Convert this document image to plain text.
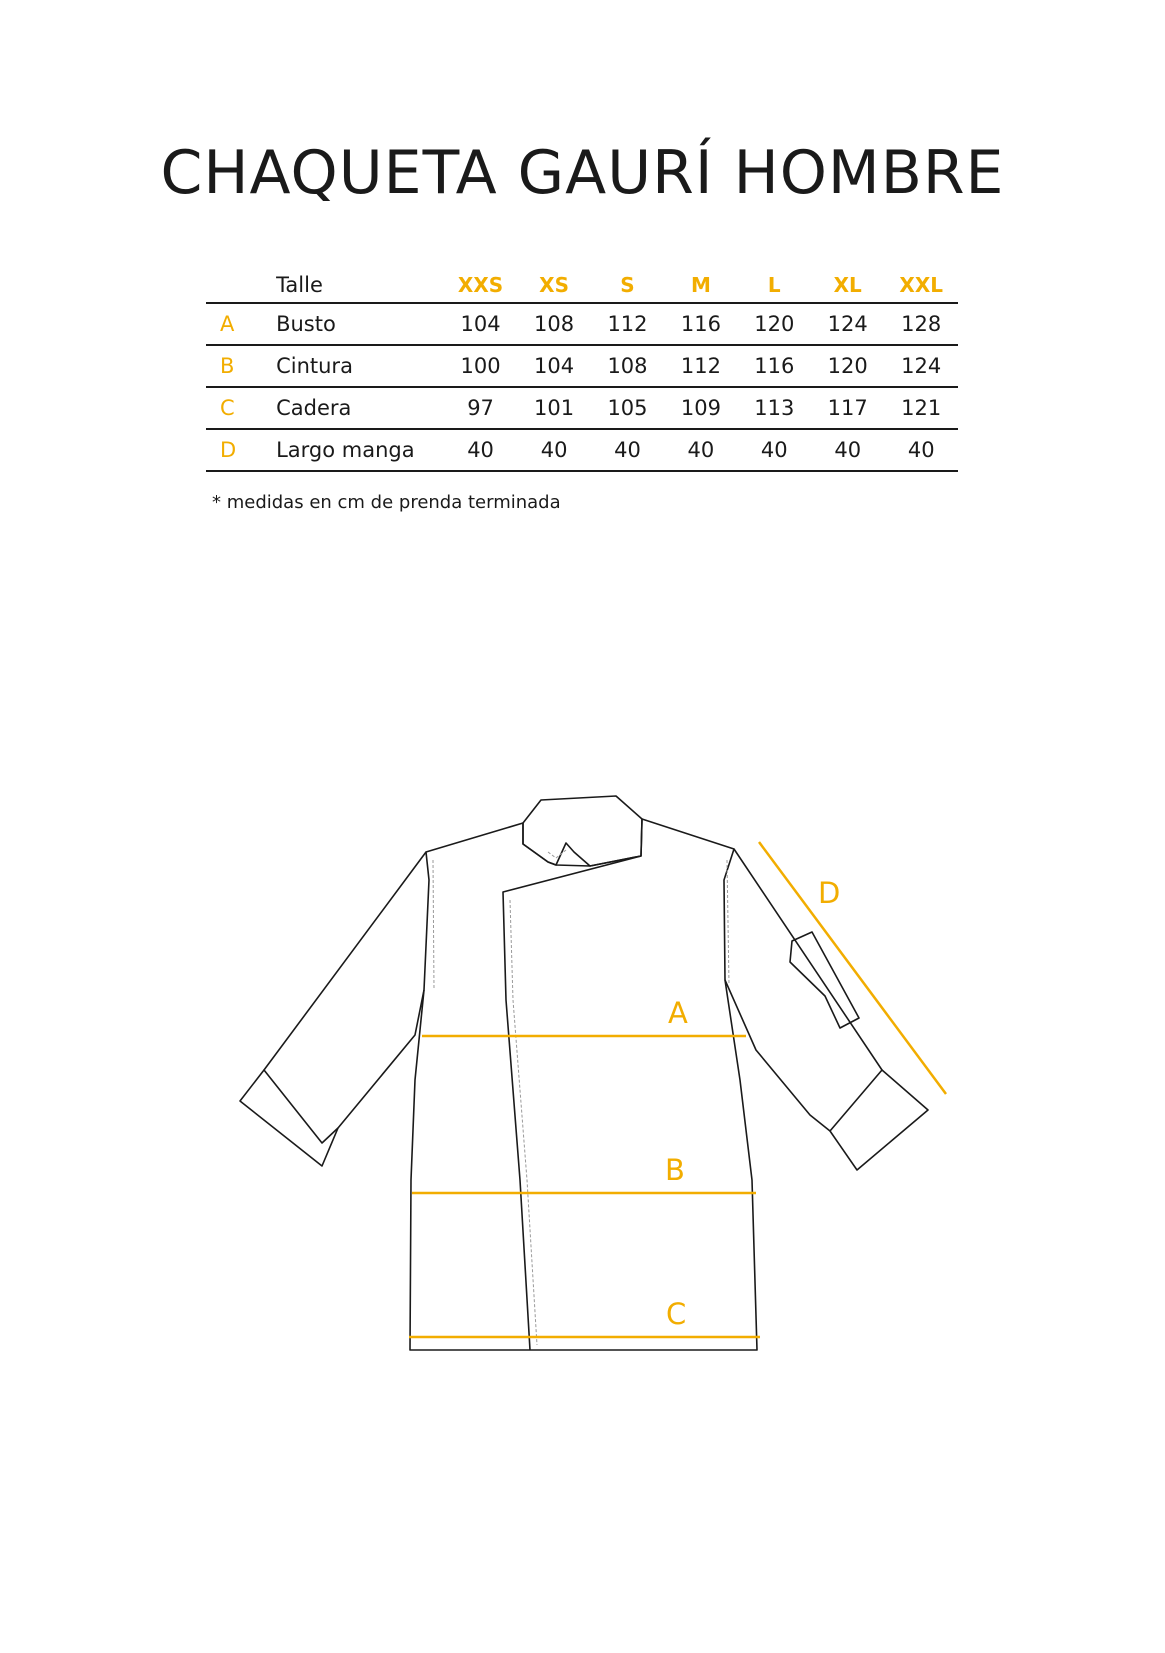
CHAQUETA GAURÍ HOMBRE
	Talle	XXS	XS	S	M	L	XL	XXL
A	Busto	104	108	112	116	120	124	128
B	Cintura	100	104	108	112	116	120	124
C	Cadera	97	101	105	109	113	117	121
D	Largo manga	40	40	40	40	40	40	40
* medidas en cm de prenda terminada
A
B
C
D
